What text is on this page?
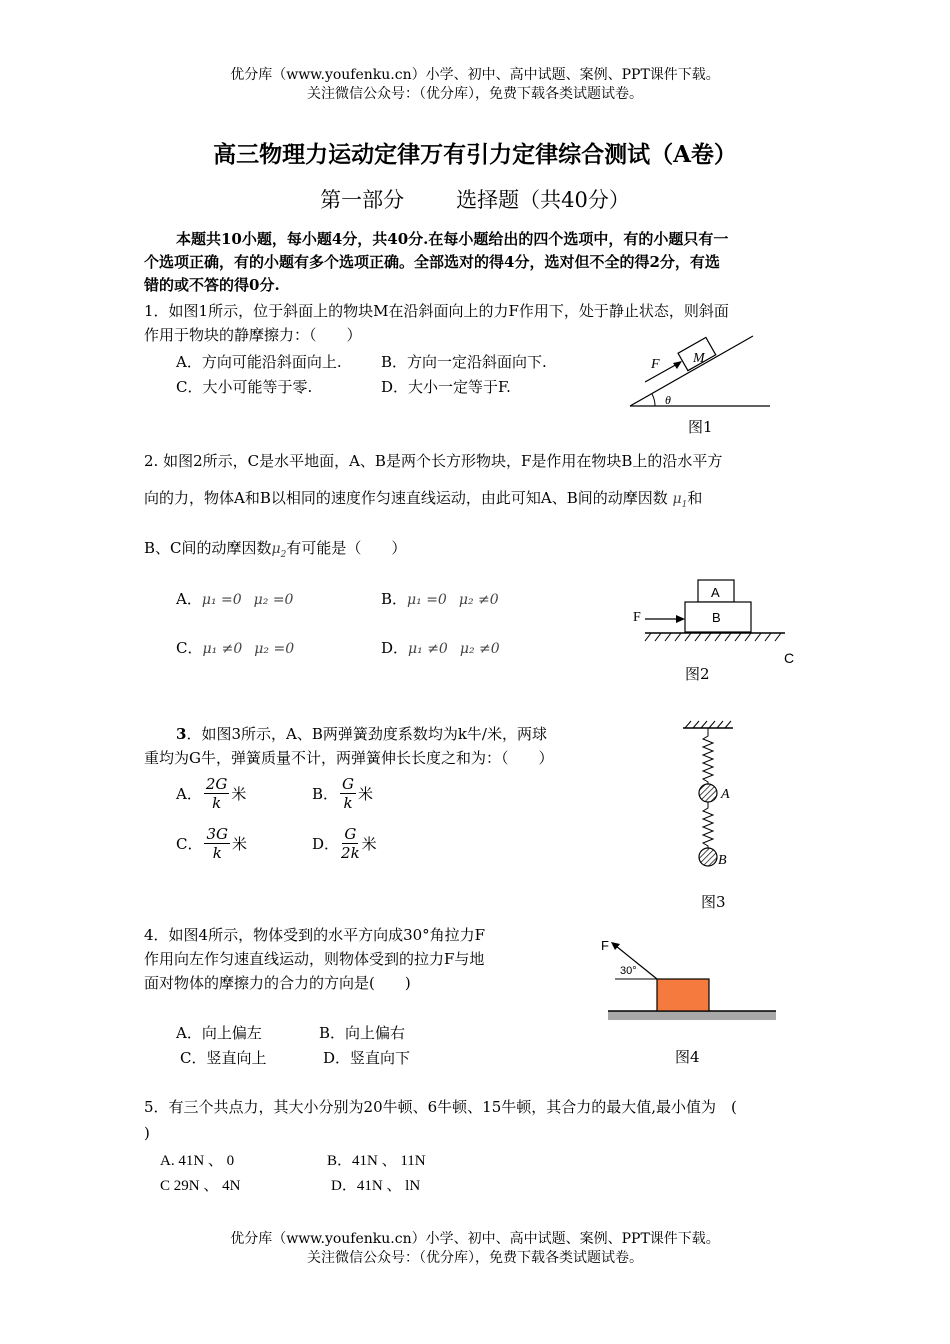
优分库（www.youfenku.cn）小学、初中、高中试题、案例、PPT课件下载。
关注微信公众号：（优分库），免费下载各类试题试卷。
高三物理力运动定律万有引力定律综合测试（A卷）
第一部分 选择题（共40分）
本题共10小题，每小题4分，共40分.在每小题给出的四个选项中，有的小题只有一
个选项正确，有的小题有多个选项正确。全部选对的得4分，选对但不全的得2分，有选
错的或不答的得0分.
1．如图1所示，位于斜面上的物块M在沿斜面向上的力F作用下，处于静止状态，则斜面
作用于物块的静摩擦力：（　　）
A．方向可能沿斜面向上.	B．方向一定沿斜面向下.
C．大小可能等于零.	D．大小一定等于F.
M
F
θ
图1
2. 如图2所示，C是水平地面，A、B是两个长方形物块，F是作用在物块B上的沿水平方
向的力，物体A和B以相同的速度作匀速直线运动，由此可知A、B间的动摩因数 $\mu_1$和
B、C间的动摩因数$\mu_2$有可能是（　　）
A．μ₁ =0 μ₂ =0	B．μ₁ =0 μ₂ ≠0
C．μ₁ ≠0 μ₂ =0	D．μ₁ ≠0 μ₂ ≠0
A
B
F
C
图2
3．如图3所示，A、B两弹簧劲度系数均为k牛/米，两球
重均为G牛，弹簧质量不计，两弹簧伸长长度之和为：（　　）
A． $\frac{2G}{k}$ 米	B． $\frac{G}{k}$ 米
C． $\frac{3G}{k}$ 米	D． $\frac{G}{2k}$ 米
A
B
图3
4．如图4所示，物体受到的水平方向成30°角拉力F
作用向左作匀速直线运动，则物体受到的拉力F与地
面对物体的摩擦力的合力的方向是(　　)
A．向上偏左	B．向上偏右
C．竖直向上	D．竖直向下
F
30°
图4
5．有三个共点力，其大小分别为20牛顿、6牛顿、15牛顿，其合力的最大值,最小值为　(
)
A. 41N 、 0	B．41N 、 11N
C 29N 、 4N	D．41N 、 lN
优分库（www.youfenku.cn）小学、初中、高中试题、案例、PPT课件下载。
关注微信公众号：（优分库），免费下载各类试题试卷。
